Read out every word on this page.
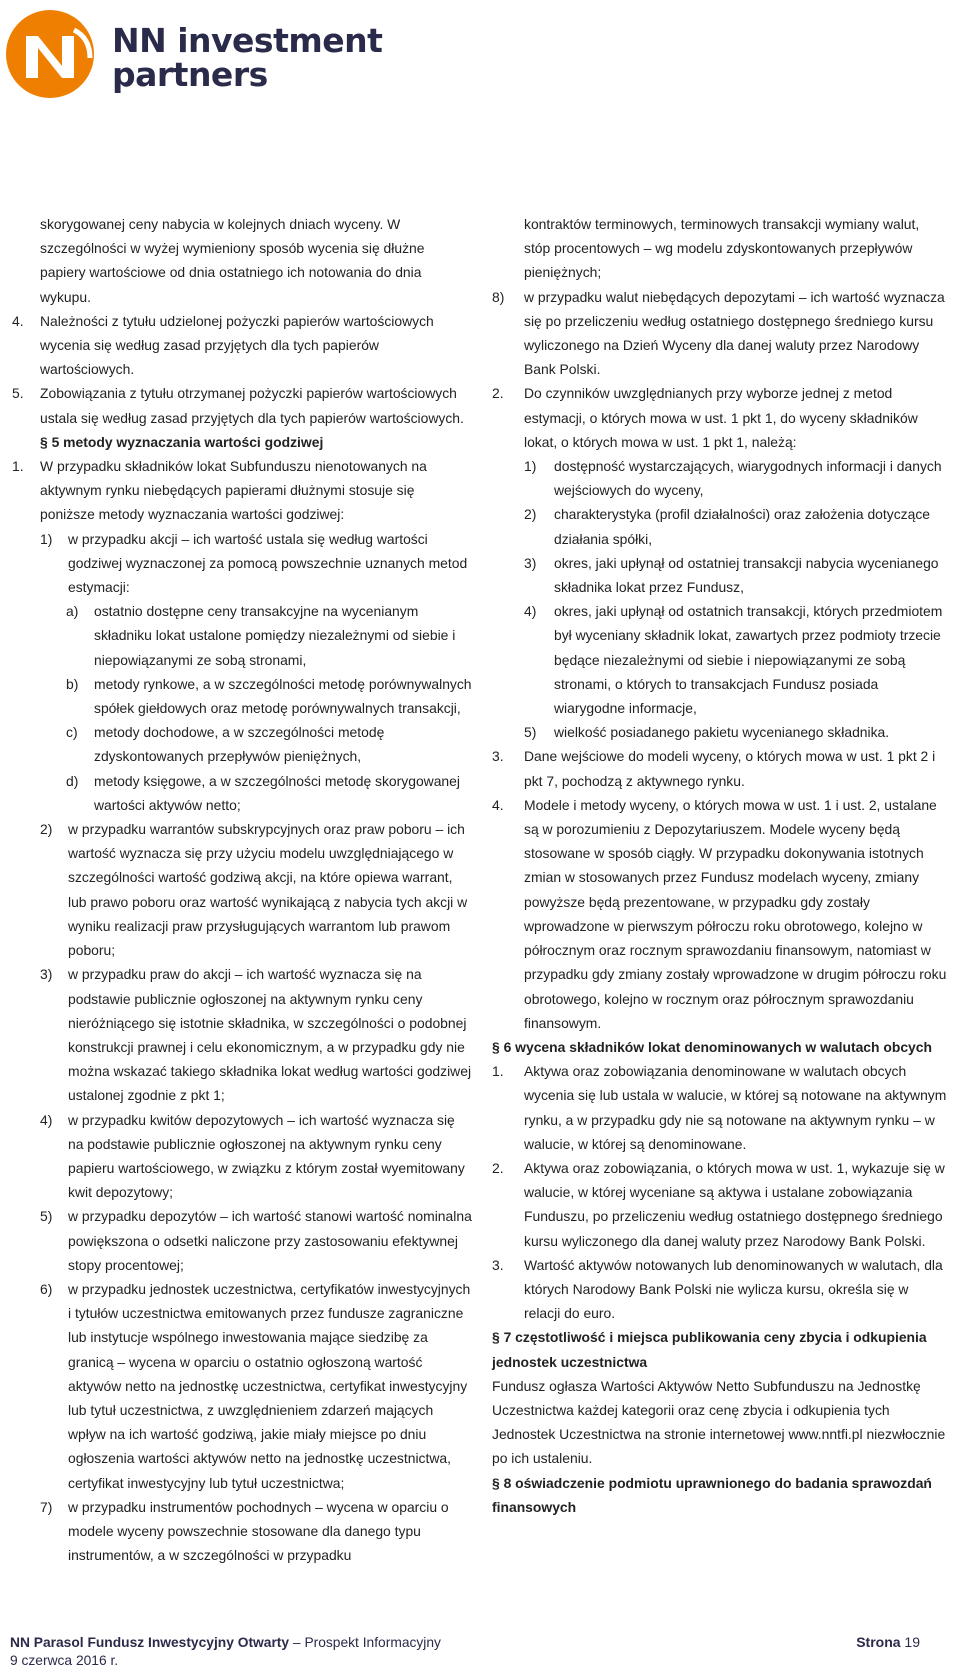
NN investment
partners

skorygowanej ceny nabycia w kolejnych dniach wyceny. W szczególności w wyżej wymieniony sposób wycenia się dłużne papiery wartościowe od dnia ostatniego ich notowania do dnia wykupu.

4.	Należności z tytułu udzielonej pożyczki papierów wartościowych wycenia się według zasad przyjętych dla tych papierów wartościowych.
5.	Zobowiązania z tytułu otrzymanej pożyczki papierów wartościowych ustala się według zasad przyjętych dla tych papierów wartościowych.

§ 5 metody wyznaczania wartości godziwej

1.	W przypadku składników lokat Subfunduszu nienotowanych na aktywnym rynku niebędących papierami dłużnymi stosuje się poniższe metody wyznaczania wartości godziwej:
1)	w przypadku akcji – ich wartość ustala się według wartości godziwej wyznaczonej za pomocą powszechnie uznanych metod estymacji:
a)	ostatnio dostępne ceny transakcyjne na wycenianym składniku lokat ustalone pomiędzy niezależnymi od siebie i niepowiązanymi ze sobą stronami,
b)	metody rynkowe, a w szczególności metodę porównywalnych spółek giełdowych oraz metodę porównywalnych transakcji,
c)	metody dochodowe, a w szczególności metodę zdyskontowanych przepływów pieniężnych,
d)	metody księgowe, a w szczególności metodę skorygowanej wartości aktywów netto;
2)	w przypadku warrantów subskrypcyjnych oraz praw poboru – ich wartość wyznacza się przy użyciu modelu uwzględniającego w szczególności wartość godziwą akcji, na które opiewa warrant, lub prawo poboru oraz wartość wynikającą z nabycia tych akcji w wyniku realizacji praw przysługujących warrantom lub prawom poboru;
3)	w przypadku praw do akcji – ich wartość wyznacza się na podstawie publicznie ogłoszonej na aktywnym rynku ceny nieróżniącego się istotnie składnika, w szczególności o podobnej konstrukcji prawnej i celu ekonomicznym, a w przypadku gdy nie można wskazać takiego składnika lokat według wartości godziwej ustalonej zgodnie z pkt 1;
4)	w przypadku kwitów depozytowych – ich wartość wyznacza się na podstawie publicznie ogłoszonej na aktywnym rynku ceny papieru wartościowego, w związku z którym został wyemitowany kwit depozytowy;
5)	w przypadku depozytów – ich wartość stanowi wartość nominalna powiększona o odsetki naliczone przy zastosowaniu efektywnej stopy procentowej;
6)	w przypadku jednostek uczestnictwa, certyfikatów inwestycyjnych i tytułów uczestnictwa emitowanych przez fundusze zagraniczne lub instytucje wspólnego inwestowania mające siedzibę za granicą – wycena w oparciu o ostatnio ogłoszoną wartość aktywów netto na jednostkę uczestnictwa, certyfikat inwestycyjny lub tytuł uczestnictwa, z uwzględnieniem zdarzeń mających wpływ na ich wartość godziwą, jakie miały miejsce po dniu ogłoszenia wartości aktywów netto na jednostkę uczestnictwa, certyfikat inwestycyjny lub tytuł uczestnictwa;
7)	w przypadku instrumentów pochodnych – wycena w oparciu o modele wyceny powszechnie stosowane dla danego typu instrumentów, a w szczególności w przypadku
kontraktów terminowych, terminowych transakcji wymiany walut, stóp procentowych – wg modelu zdyskontowanych przepływów pieniężnych;
8)	w przypadku walut niebędących depozytami – ich wartość wyznacza się po przeliczeniu według ostatniego dostępnego średniego kursu wyliczonego na Dzień Wyceny dla danej waluty przez Narodowy Bank Polski.
2.	Do czynników uwzględnianych przy wyborze jednej z metod estymacji, o których mowa w ust. 1 pkt 1, do wyceny składników lokat, o których mowa w ust. 1 pkt 1, należą:
1)	dostępność wystarczających, wiarygodnych informacji i danych wejściowych do wyceny,
2)	charakterystyka (profil działalności) oraz założenia dotyczące działania spółki,
3)	okres, jaki upłynął od ostatniej transakcji nabycia wycenianego składnika lokat przez Fundusz,
4)	okres, jaki upłynął od ostatnich transakcji, których przedmiotem był wyceniany składnik lokat, zawartych przez podmioty trzecie będące niezależnymi od siebie i niepowiązanymi ze sobą stronami, o których to transakcjach Fundusz posiada wiarygodne informacje,
5)	wielkość posiadanego pakietu wycenianego składnika.
3.	Dane wejściowe do modeli wyceny, o których mowa w ust. 1 pkt 2 i pkt 7, pochodzą z aktywnego rynku.
4.	Modele i metody wyceny, o których mowa w ust. 1 i ust. 2, ustalane są w porozumieniu z Depozytariuszem. Modele wyceny będą stosowane w sposób ciągły. W przypadku dokonywania istotnych zmian w stosowanych przez Fundusz modelach wyceny, zmiany powyższe będą prezentowane, w przypadku gdy zostały wprowadzone w pierwszym półroczu roku obrotowego, kolejno w półrocznym oraz rocznym sprawozdaniu finansowym, natomiast w przypadku gdy zmiany zostały wprowadzone w drugim półroczu roku obrotowego, kolejno w rocznym oraz półrocznym sprawozdaniu finansowym.

§ 6 wycena składników lokat denominowanych w walutach obcych

1.	Aktywa oraz zobowiązania denominowane w walutach obcych wycenia się lub ustala w walucie, w której są notowane na aktywnym rynku, a w przypadku gdy nie są notowane na aktywnym rynku – w walucie, w której są denominowane.
2.	Aktywa oraz zobowiązania, o których mowa w ust. 1, wykazuje się w walucie, w której wyceniane są aktywa i ustalane zobowiązania Funduszu, po przeliczeniu według ostatniego dostępnego średniego kursu wyliczonego dla danej waluty przez Narodowy Bank Polski.
3.	Wartość aktywów notowanych lub denominowanych w walutach, dla których Narodowy Bank Polski nie wylicza kursu, określa się w relacji do euro.

§ 7 częstotliwość i miejsca publikowania ceny zbycia i odkupienia jednostek uczestnictwa

Fundusz ogłasza Wartości Aktywów Netto Subfunduszu na Jednostkę Uczestnictwa każdej kategorii oraz cenę zbycia i odkupienia tych Jednostek Uczestnictwa na stronie internetowej www.nntfi.pl niezwłocznie po ich ustaleniu.

§ 8 oświadczenie podmiotu uprawnionego do badania sprawozdań finansowych

NN Parasol Fundusz Inwestycyjny Otwarty – Prospekt Informacyjny
9 czerwca 2016 r.
Strona 19
